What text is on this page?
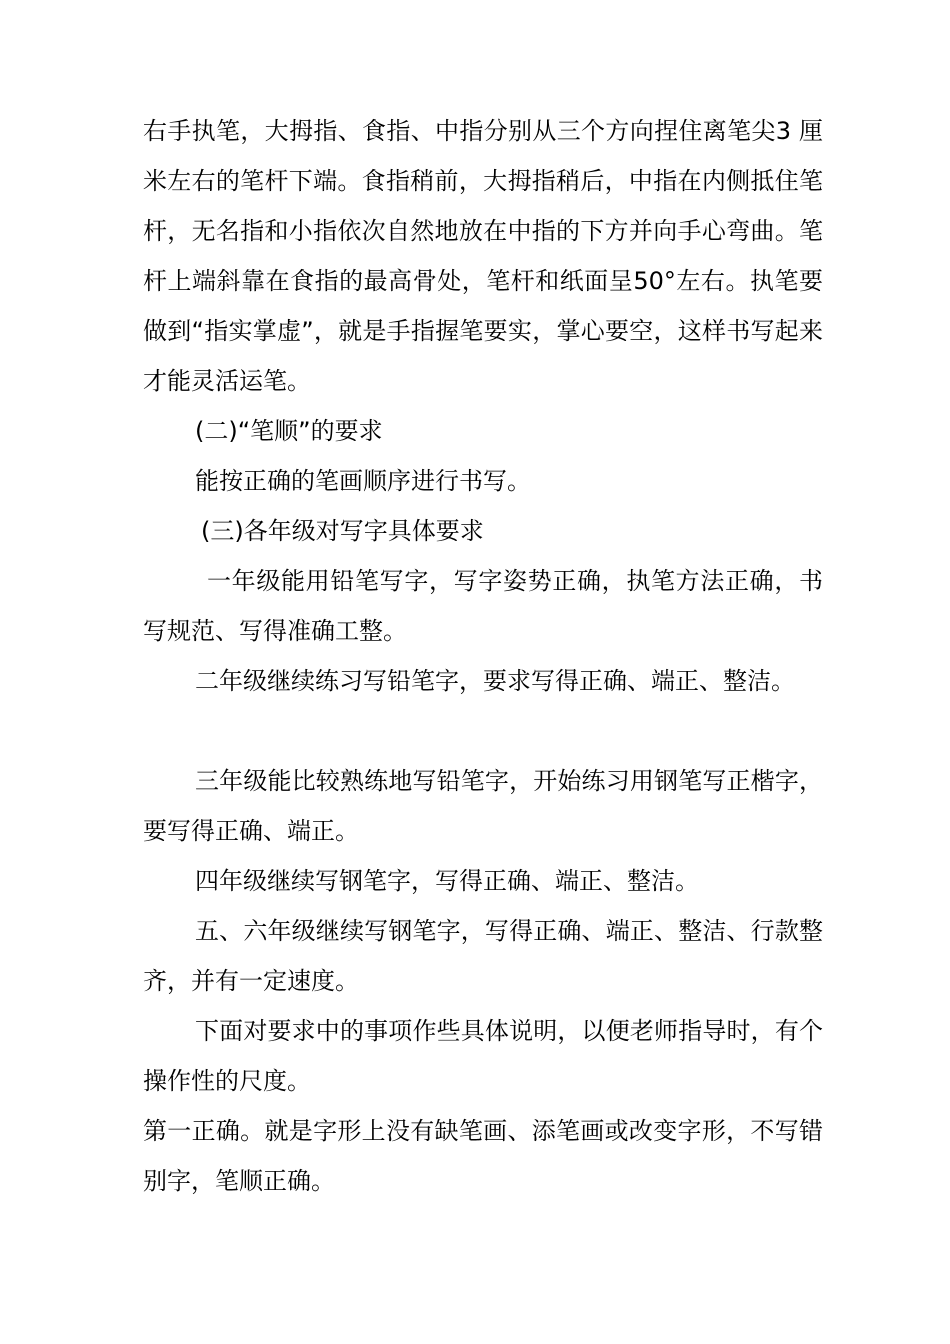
右手执笔，大拇指、食指、中指分别从三个方向捏住离笔尖3 厘米左右的笔杆下端。食指稍前，大拇指稍后，中指在内侧抵住笔杆，无名指和小指依次自然地放在中指的下方并向手心弯曲。笔杆上端斜靠在食指的最高骨处，笔杆和纸面呈50°左右。执笔要做到“指实掌虚”，就是手指握笔要实，掌心要空，这样书写起来才能灵活运笔。

(二)“笔顺”的要求

能按正确的笔画顺序进行书写。

(三)各年级对写字具体要求

一年级能用铅笔写字，写字姿势正确，执笔方法正确，书写规范、写得准确工整。

二年级继续练习写铅笔字，要求写得正确、端正、整洁。

三年级能比较熟练地写铅笔字，开始练习用钢笔写正楷字，要写得正确、端正。

四年级继续写钢笔字，写得正确、端正、整洁。

五、六年级继续写钢笔字，写得正确、端正、整洁、行款整齐，并有一定速度。

下面对要求中的事项作些具体说明，以便老师指导时，有个操作性的尺度。

第一正确。就是字形上没有缺笔画、添笔画或改变字形，不写错别字，笔顺正确。
